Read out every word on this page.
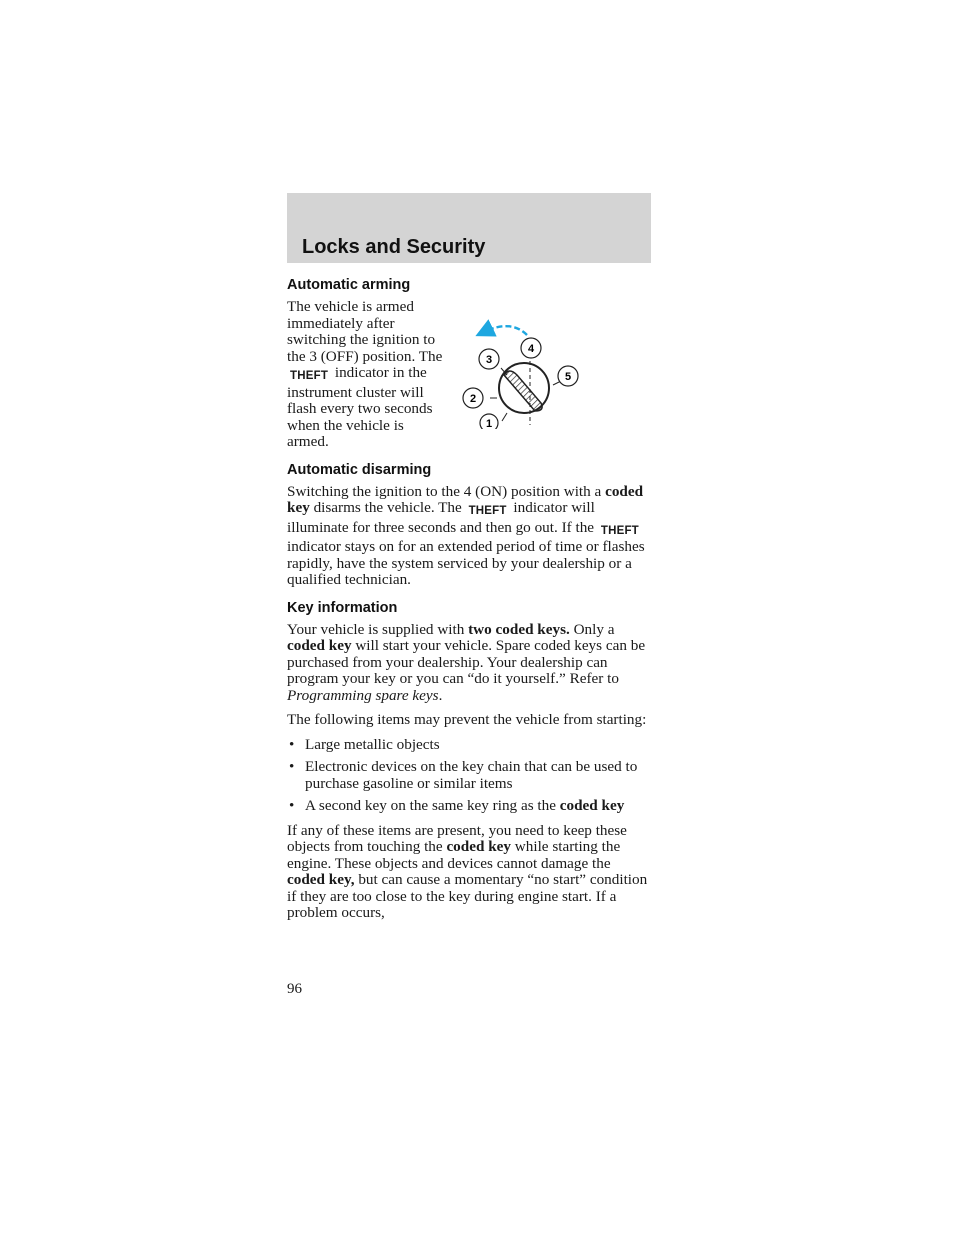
Locks and Security
Automatic arming
1
2
3
4
5

The vehicle is armed immediately after switching the ignition to the 3 (OFF) position. The THEFT indicator in the instrument cluster will flash every two seconds when the vehicle is armed.

Automatic disarming

Switching the ignition to the 4 (ON) position with a coded key disarms the vehicle. The THEFT indicator will illuminate for three seconds and then go out. If the THEFT indicator stays on for an extended period of time or flashes rapidly, have the system serviced by your dealership or a qualified technician.

Key information

Your vehicle is supplied with two coded keys. Only a coded key will start your vehicle. Spare coded keys can be purchased from your dealership. Your dealership can program your key or you can “do it yourself.” Refer to Programming spare keys.

The following items may prevent the vehicle from starting:

• Large metallic objects
• Electronic devices on the key chain that can be used to purchase gasoline or similar items
• A second key on the same key ring as the coded key

If any of these items are present, you need to keep these objects from touching the coded key while starting the engine. These objects and devices cannot damage the coded key, but can cause a momentary “no start” condition if they are too close to the key during engine start. If a problem occurs,

96
